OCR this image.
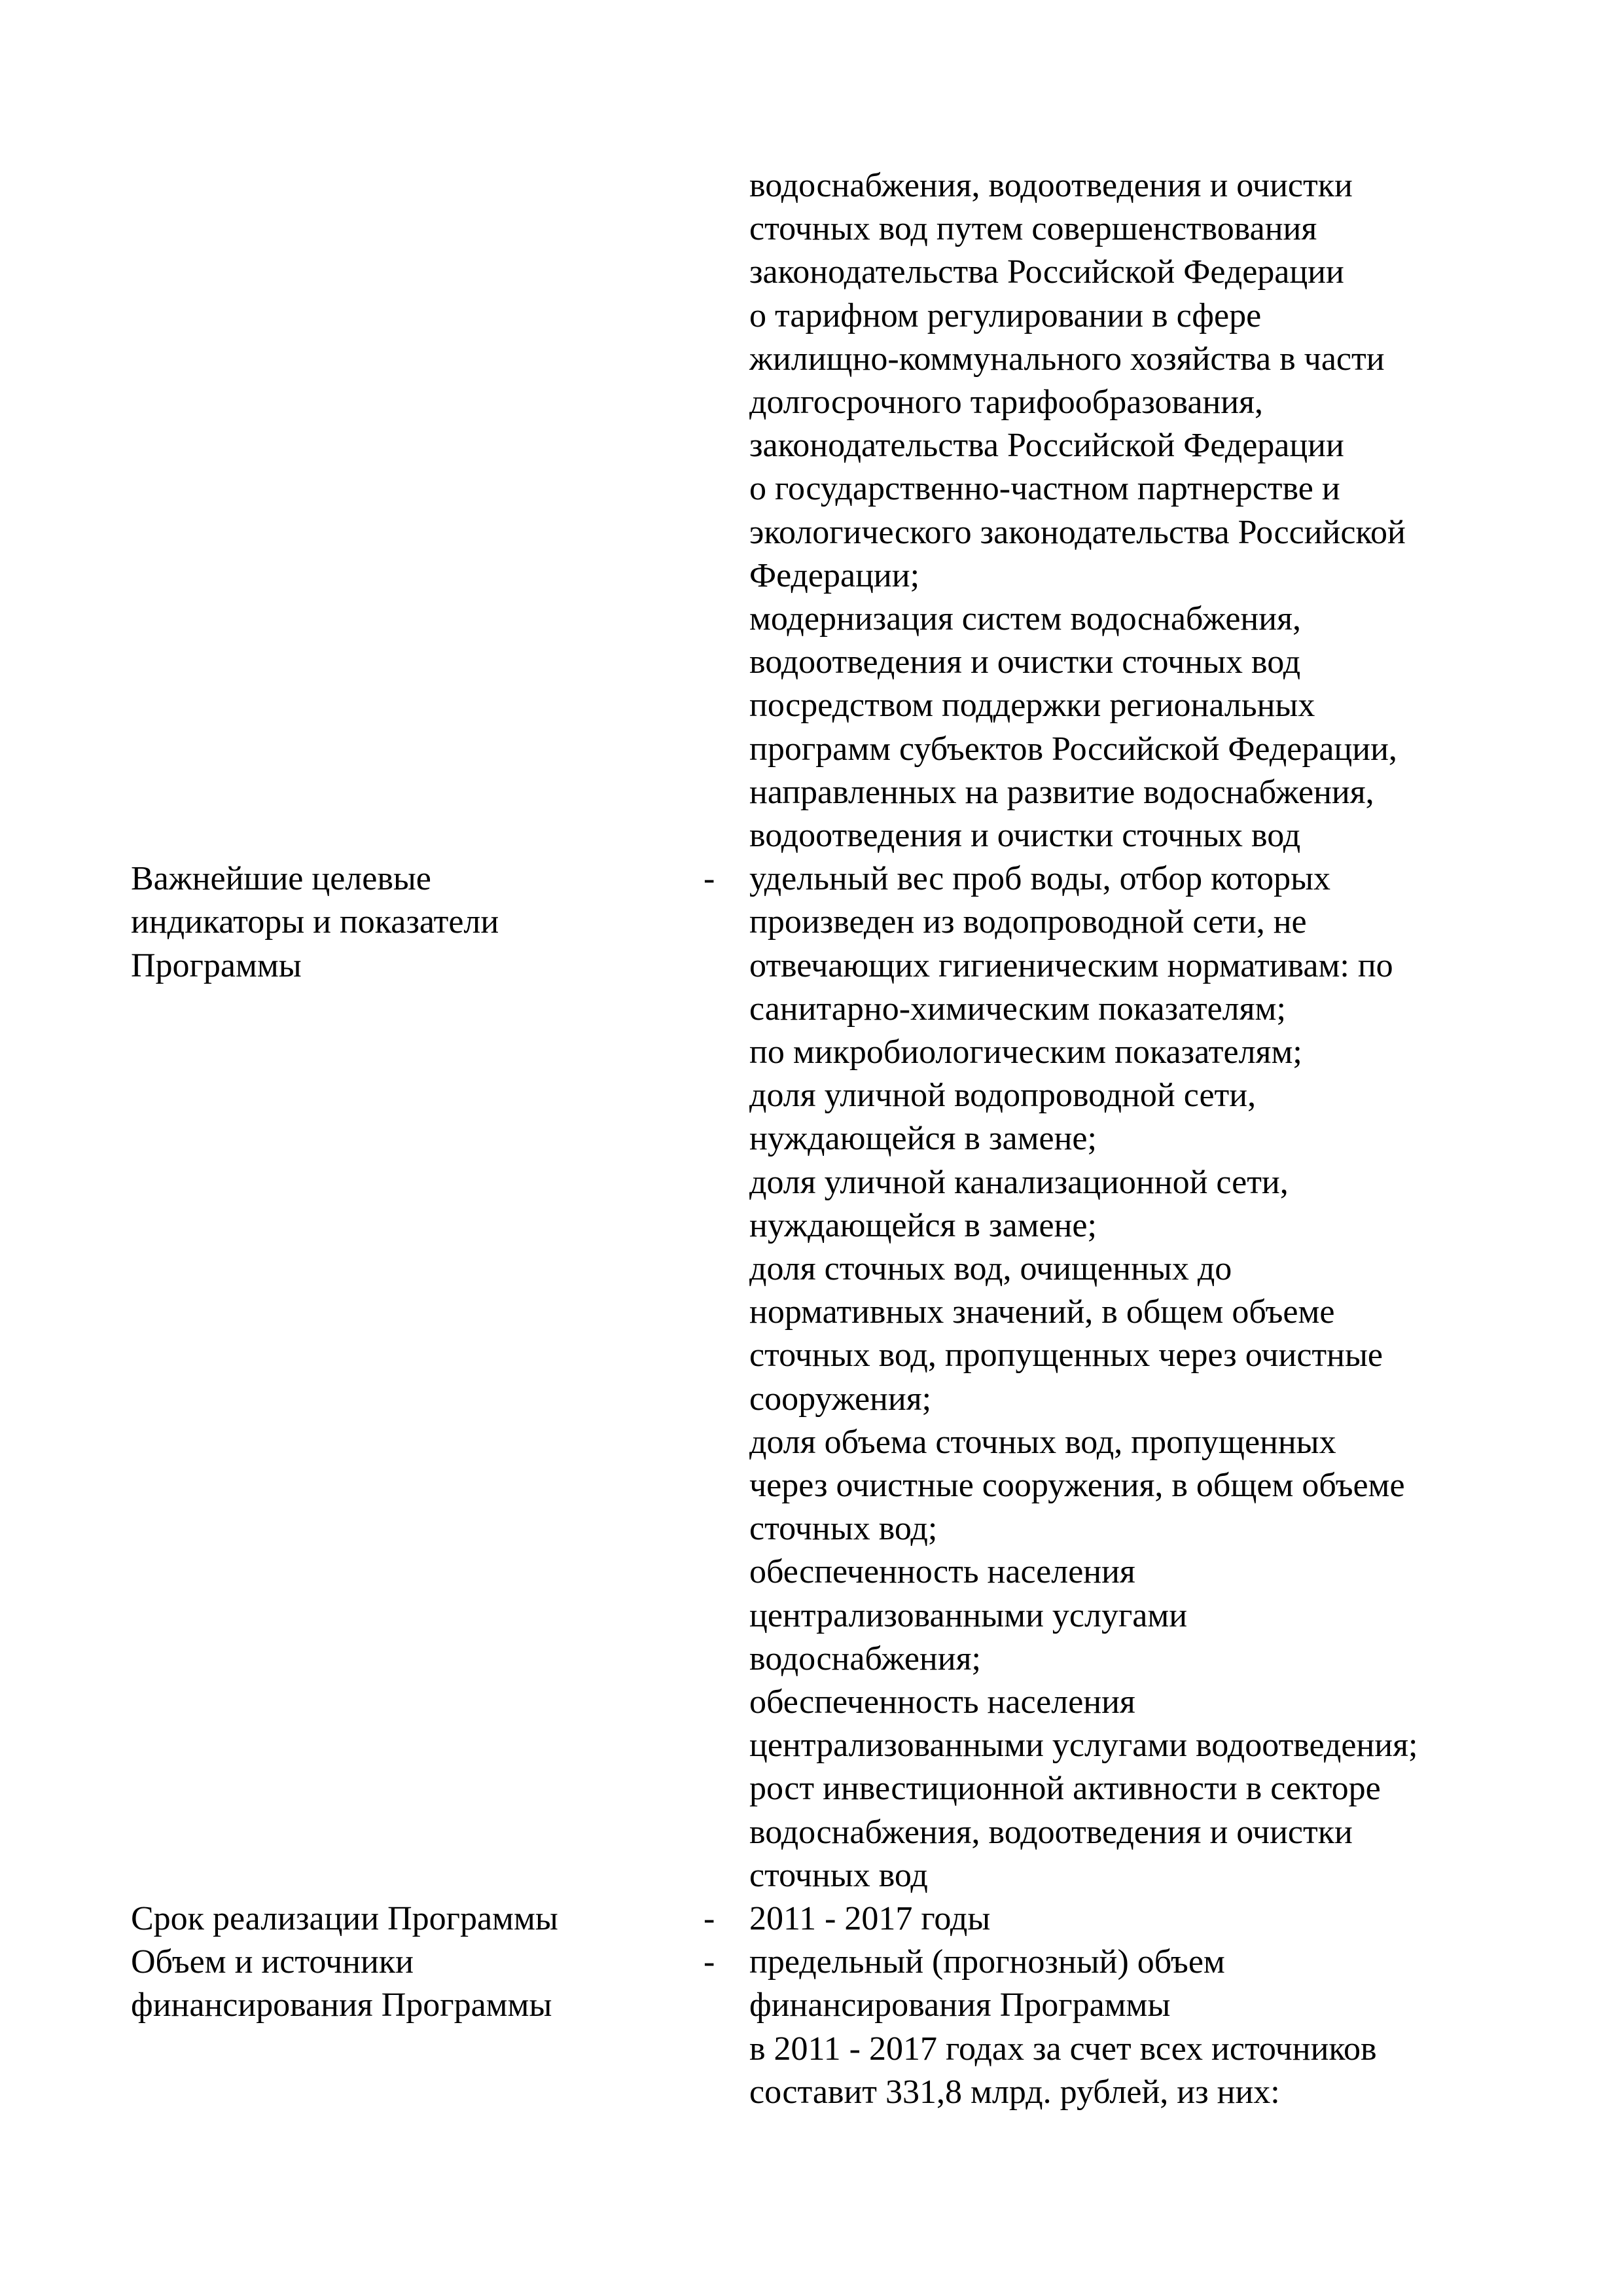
водоснабжения, водоотведения и очистки
сточных вод путем совершенствования
законодательства Российской Федерации
о тарифном регулировании в сфере
жилищно-коммунального хозяйства в части
долгосрочного тарифообразования,
законодательства Российской Федерации
о государственно-частном партнерстве и
экологического законодательства Российской
Федерации;
модернизация систем водоснабжения,
водоотведения и очистки сточных вод
посредством поддержки региональных
программ субъектов Российской Федерации,
направленных на развитие водоснабжения,
водоотведения и очистки сточных вод
Важнейшие целевые
индикаторы и показатели
Программы
- удельный вес проб воды, отбор которых
произведен из водопроводной сети, не
отвечающих гигиеническим нормативам: по
санитарно-химическим показателям;
по микробиологическим показателям;
доля уличной водопроводной сети,
нуждающейся в замене;
доля уличной канализационной сети,
нуждающейся в замене;
доля сточных вод, очищенных до
нормативных значений, в общем объеме
сточных вод, пропущенных через очистные
сооружения;
доля объема сточных вод, пропущенных
через очистные сооружения, в общем объеме
сточных вод;
обеспеченность населения
централизованными услугами
водоснабжения;
обеспеченность населения
централизованными услугами водоотведения;
рост инвестиционной активности в секторе
водоснабжения, водоотведения и очистки
сточных вод
Срок реализации Программы	- 2011 - 2017 годы
Объем и источники
финансирования Программы
- предельный (прогнозный) объем
финансирования Программы
в 2011 - 2017 годах за счет всех источников
составит 331,8 млрд. рублей, из них:
